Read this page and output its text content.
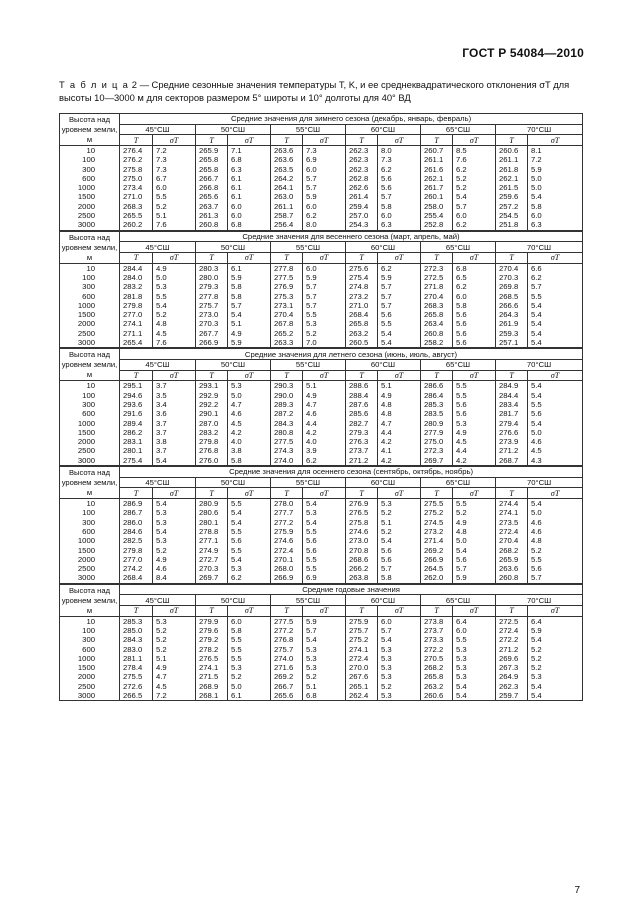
ГОСТ Р 54084—2010
Т а б л и ц а 2 — Средние сезонные значения температуры T, K, и ее среднеквадратического отклонения σT для высоты 10—3000 м для секторов размером 5° широты и 10° долготы для 40° ВД
Высота над уровнем земли, м	Средние значения для зимнего сезона (декабрь, январь, февраль)											
	45°СШ		50°СШ		55°СШ		60°СШ		65°СШ		70°СШ	
	T	σT	T	σT	T	σT	T	σT	T	σT	T	σT
10	276.4	7.2	265.9	7.1	263.6	7.3	262.3	8.0	260.7	8.5	260.6	8.1
100	276.2	7.3	265.8	6.8	263.6	6.9	262.3	7.3	261.1	7.6	261.1	7.2
300	275.8	7.3	265.8	6.3	263.5	6.0	262.3	6.2	261.6	6.2	261.8	5.9
600	275.0	6.7	266.7	6.1	264.2	5.7	262.8	5.6	262.1	5.2	262.1	5.0
1000	273.4	6.0	266.8	6.1	264.1	5.7	262.6	5.6	261.7	5.2	261.5	5.0
1500	271.0	5.5	265.6	6.1	263.0	5.9	261.4	5.7	260.1	5.4	259.6	5.4
2000	268.3	5.2	263.7	6.0	261.1	6.0	259.4	5.8	258.0	5.7	257.2	5.8
2500	265.5	5.1	261.3	6.0	258.7	6.2	257.0	6.0	255.4	6.0	254.5	6.0
3000	260.2	7.6	260.8	6.8	256.4	8.0	254.3	6.3	252.8	6.2	251.8	6.3
Высота над уровнем земли, м	Средние значения для весеннего сезона (март, апрель, май)											
	45°СШ		50°СШ		55°СШ		60°СШ		65°СШ		70°СШ	
	T	σT	T	σT	T	σT	T	σT	T	σT	T	σT
10	284.4	4.9	280.3	6.1	277.8	6.0	275.6	6.2	272.3	6.8	270.4	6.6
100	284.0	5.0	280.0	5.9	277.5	5.9	275.4	5.9	272.5	6.5	270.3	6.2
300	283.2	5.3	279.3	5.8	276.9	5.7	274.8	5.7	271.8	6.2	269.8	5.7
600	281.8	5.5	277.8	5.8	275.3	5.7	273.2	5.7	270.4	6.0	268.5	5.5
1000	279.8	5.4	275.7	5.7	273.1	5.7	271.0	5.7	268.3	5.8	266.6	5.4
1500	277.0	5.2	273.0	5.4	270.4	5.5	268.4	5.6	265.8	5.6	264.3	5.4
2000	274.1	4.8	270.3	5.1	267.8	5.3	265.8	5.5	263.4	5.6	261.9	5.4
2500	271.1	4.5	267.7	4.9	265.2	5.2	263.2	5.4	260.8	5.6	259.3	5.4
3000	265.4	7.6	266.9	5.9	263.3	7.0	260.5	5.4	258.2	5.6	257.1	5.4
Высота над уровнем земли, м	Средние значения для летнего сезона (июнь, июль, август)											
	45°СШ		50°СШ		55°СШ		60°СШ		65°СШ		70°СШ	
	T	σT	T	σT	T	σT	T	σT	T	σT	T	σT
10	295.1	3.7	293.1	5.3	290.3	5.1	288.6	5.1	286.6	5.5	284.9	5.4
100	294.6	3.5	292.9	5.0	290.0	4.9	288.4	4.9	286.4	5.5	284.4	5.4
300	293.6	3.4	292.2	4.7	289.3	4.7	287.6	4.8	285.3	5.6	283.4	5.5
600	291.6	3.6	290.1	4.6	287.2	4.6	285.6	4.8	283.5	5.6	281.7	5.6
1000	289.4	3.7	287.0	4.5	284.3	4.4	282.7	4.7	280.9	5.3	279.4	5.4
1500	286.2	3.7	283.2	4.2	280.8	4.2	279.3	4.4	277.9	4.9	276.6	5.0
2000	283.1	3.8	279.8	4.0	277.5	4.0	276.3	4.2	275.0	4.5	273.9	4.6
2500	280.1	3.7	276.8	3.8	274.3	3.9	273.7	4.1	272.3	4.4	271.2	4.5
3000	275.4	5.4	276.0	5.8	274.0	6.2	271.2	4.2	269.7	4.2	268.7	4.3
Высота над уровнем земли, м	Средние значения для осеннего сезона (сентябрь, октябрь, ноябрь)											
	45°СШ		50°СШ		55°СШ		60°СШ		65°СШ		70°СШ	
	T	σT	T	σT	T	σT	T	σT	T	σT	T	σT
10	286.9	5.4	280.9	5.5	278.0	5.4	276.9	5.3	275.5	5.5	274.4	5.4
100	286.7	5.3	280.6	5.4	277.7	5.3	276.5	5.2	275.2	5.2	274.1	5.0
300	286.0	5.3	280.1	5.4	277.2	5.4	275.8	5.1	274.5	4.9	273.5	4.6
600	284.6	5.4	278.8	5.5	275.9	5.5	274.6	5.2	273.2	4.8	272.4	4.6
1000	282.5	5.3	277.1	5.6	274.6	5.6	273.0	5.4	271.4	5.0	270.4	4.8
1500	279.8	5.2	274.9	5.5	272.4	5.6	270.8	5.6	269.2	5.4	268.2	5.2
2000	277.0	4.9	272.7	5.4	270.1	5.5	268.6	5.6	266.9	5.6	265.9	5.5
2500	274.2	4.6	270.3	5.3	268.0	5.5	266.2	5.7	264.5	5.7	263.6	5.6
3000	268.4	8.4	269.7	6.2	266.9	6.9	263.8	5.8	262.0	5.9	260.8	5.7
Высота над уровнем земли, м	Средние годовые значения											
	45°СШ		50°СШ		55°СШ		60°СШ		65°СШ		70°СШ	
	T	σT	T	σT	T	σT	T	σT	T	σT	T	σT
10	285.3	5.3	279.9	6.0	277.5	5.9	275.9	6.0	273.8	6.4	272.5	6.4
100	285.0	5.2	279.6	5.8	277.2	5.7	275.7	5.7	273.7	6.0	272.4	5.9
300	284.3	5.2	279.2	5.5	276.8	5.4	275.2	5.4	273.3	5.5	272.2	5.4
600	283.0	5.2	278.2	5.5	275.7	5.3	274.1	5.3	272.2	5.3	271.2	5.2
1000	281.1	5.1	276.5	5.5	274.0	5.3	272.4	5.3	270.5	5.3	269.6	5.2
1500	278.4	4.9	274.1	5.3	271.6	5.3	270.0	5.3	268.2	5.3	267.3	5.2
2000	275.5	4.7	271.5	5.2	269.2	5.2	267.6	5.3	265.8	5.3	264.9	5.3
2500	272.6	4.5	268.9	5.0	266.7	5.1	265.1	5.2	263.2	5.4	262.3	5.4
3000	266.5	7.2	268.1	6.1	265.6	6.8	262.4	5.3	260.6	5.4	259.7	5.4
7
